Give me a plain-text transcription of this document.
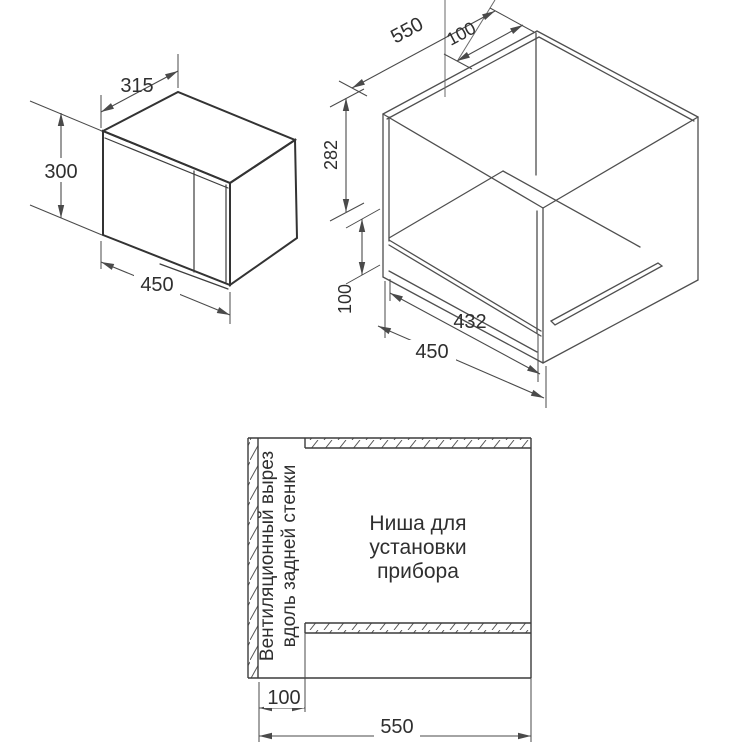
315
300
450
550 100
282
100
432
450
Вентиляционный вырез вдоль задней стенки	Ниша для
установки
прибора
100
550
